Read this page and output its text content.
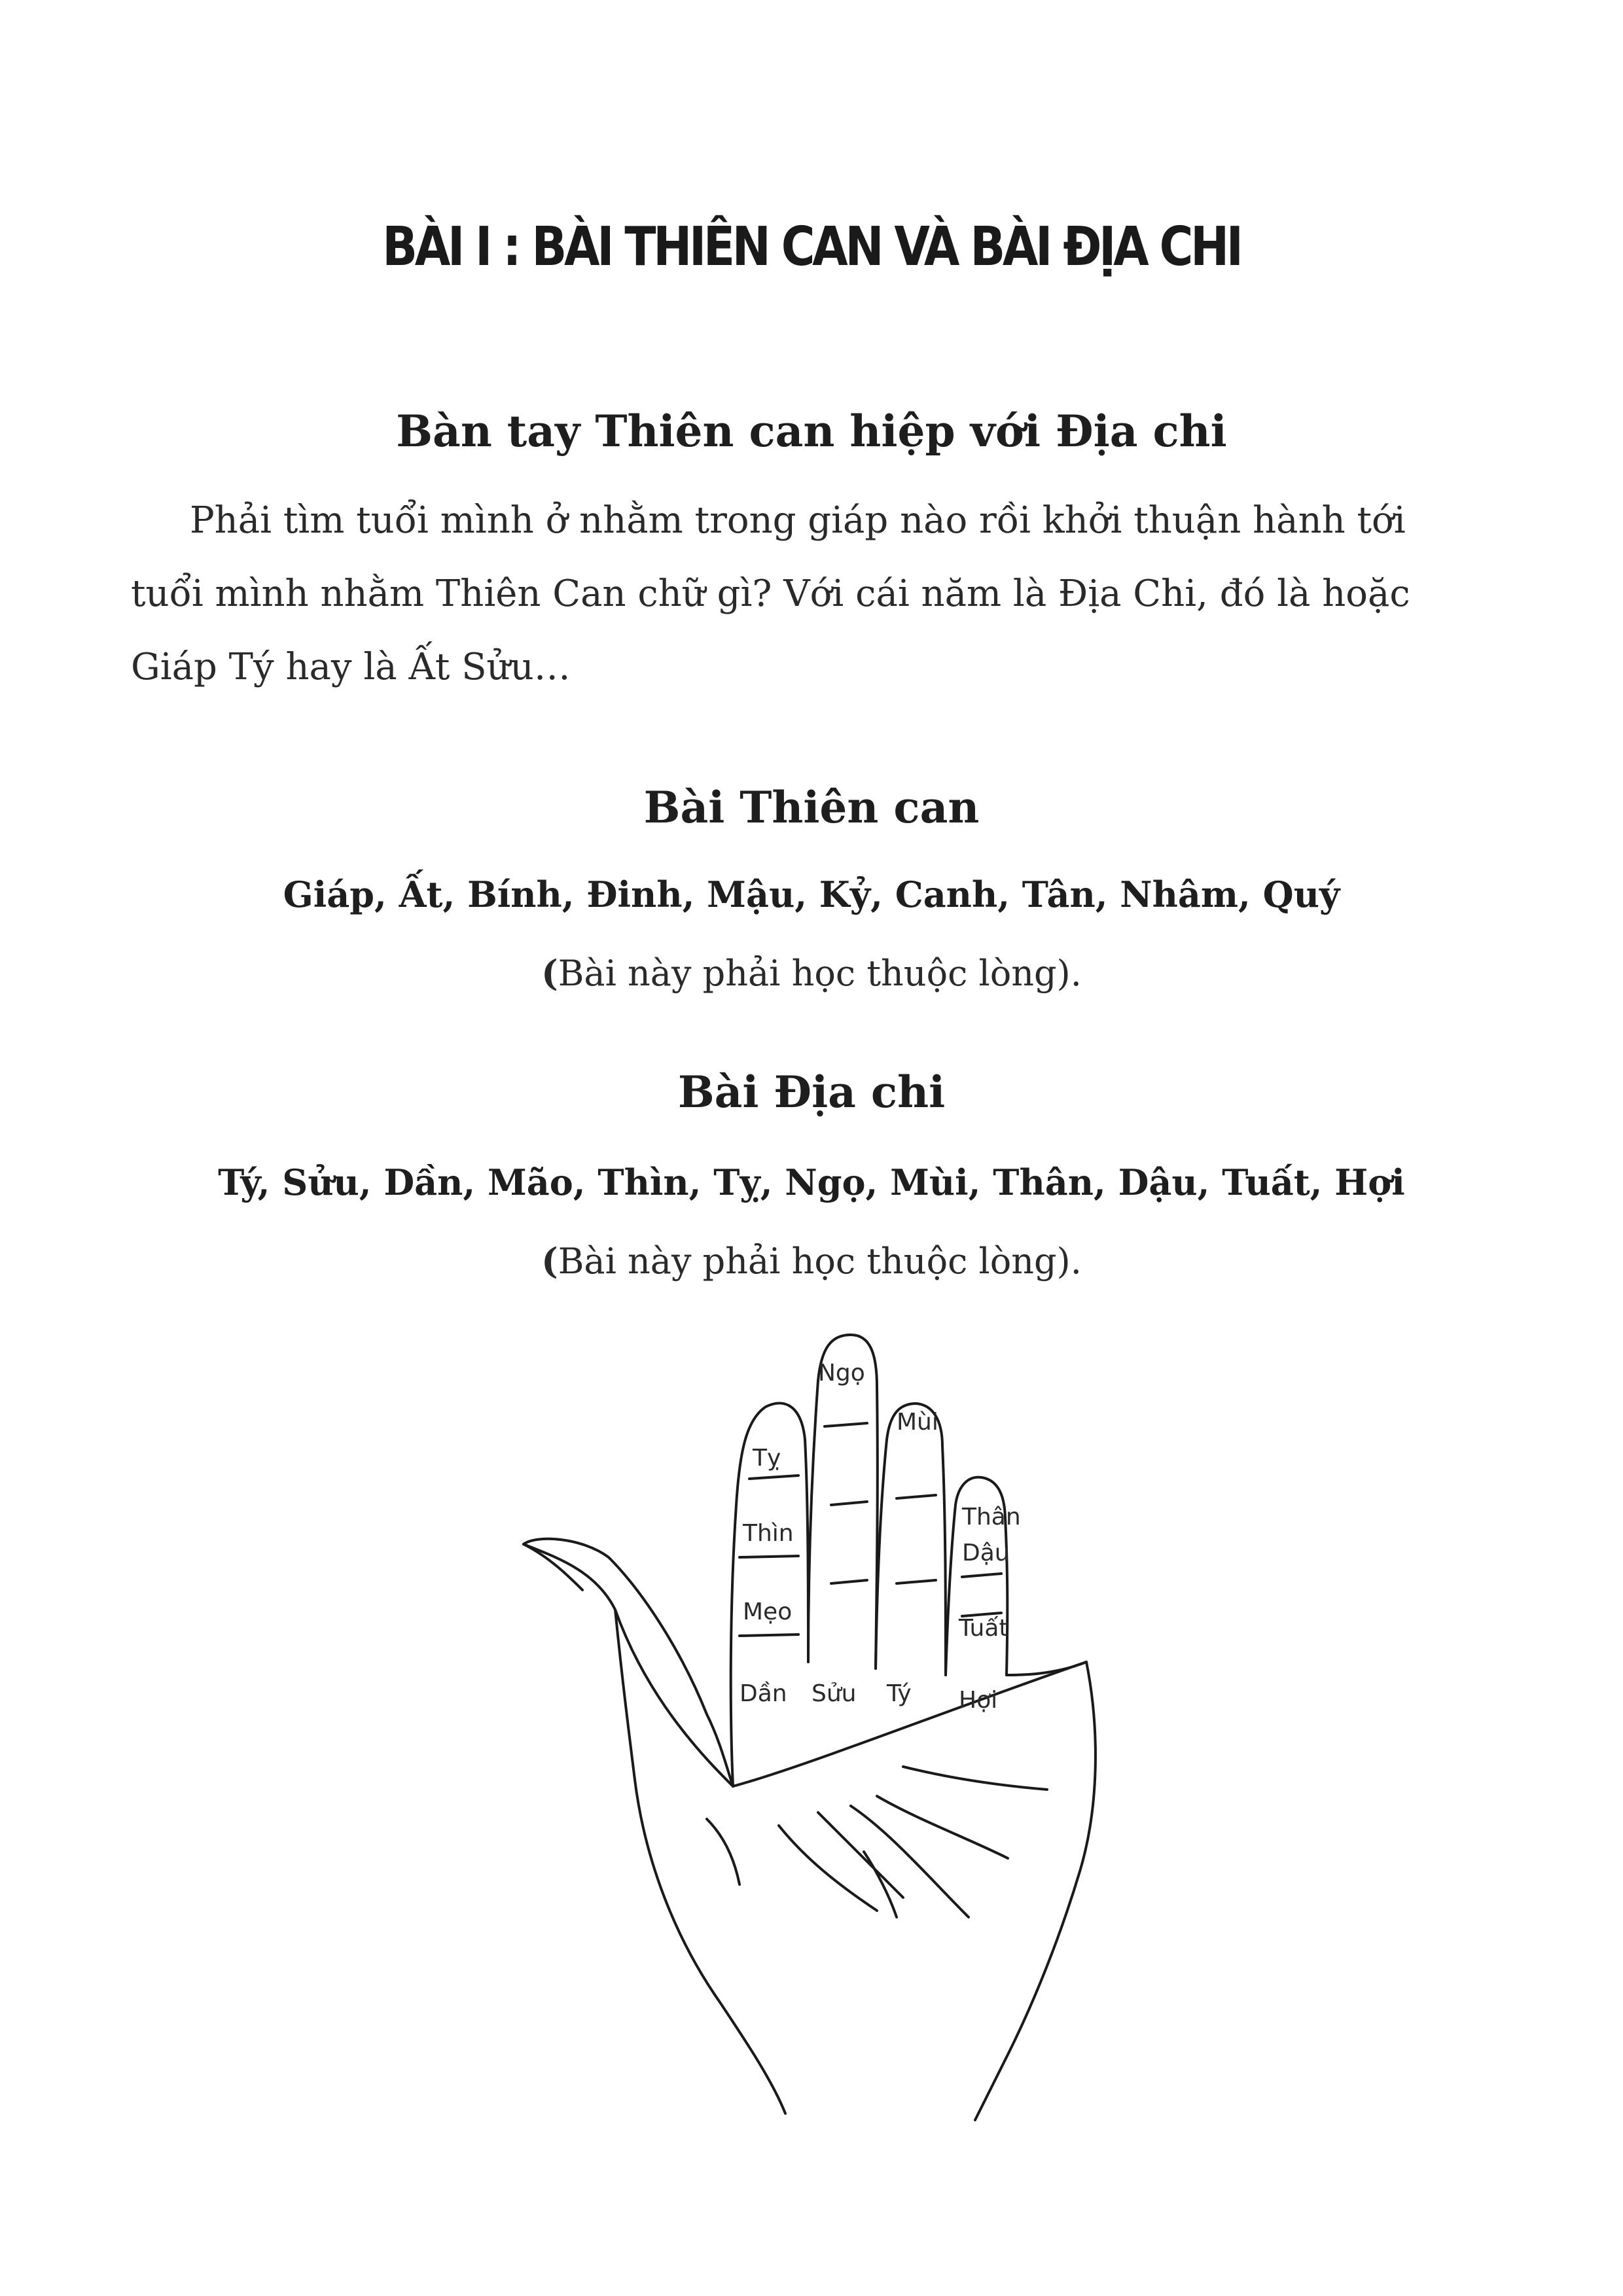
BÀI I : BÀI THIÊN CAN VÀ BÀI ĐỊA CHI
Bàn tay Thiên can hiệp với Địa chi
Phải tìm tuổi mình ở nhằm trong giáp nào rồi khởi thuận hành tới
tuổi mình nhằm Thiên Can chữ gì? Với cái năm là Địa Chi, đó là hoặc
Giáp Tý hay là Ất Sửu…
Bài Thiên can
Giáp, Ất, Bính, Đinh, Mậu, Kỷ, Canh, Tân, Nhâm, Quý
(Bài này phải học thuộc lòng).
Bài Địa chi
Tý, Sửu, Dần, Mão, Thìn, Tỵ, Ngọ, Mùi, Thân, Dậu, Tuất, Hợi
(Bài này phải học thuộc lòng).
Ngọ
Mùi
Tỵ
Thìn
Thân
Dậu
Mẹo
Tuất
Dần Sửu Tý Hợi
